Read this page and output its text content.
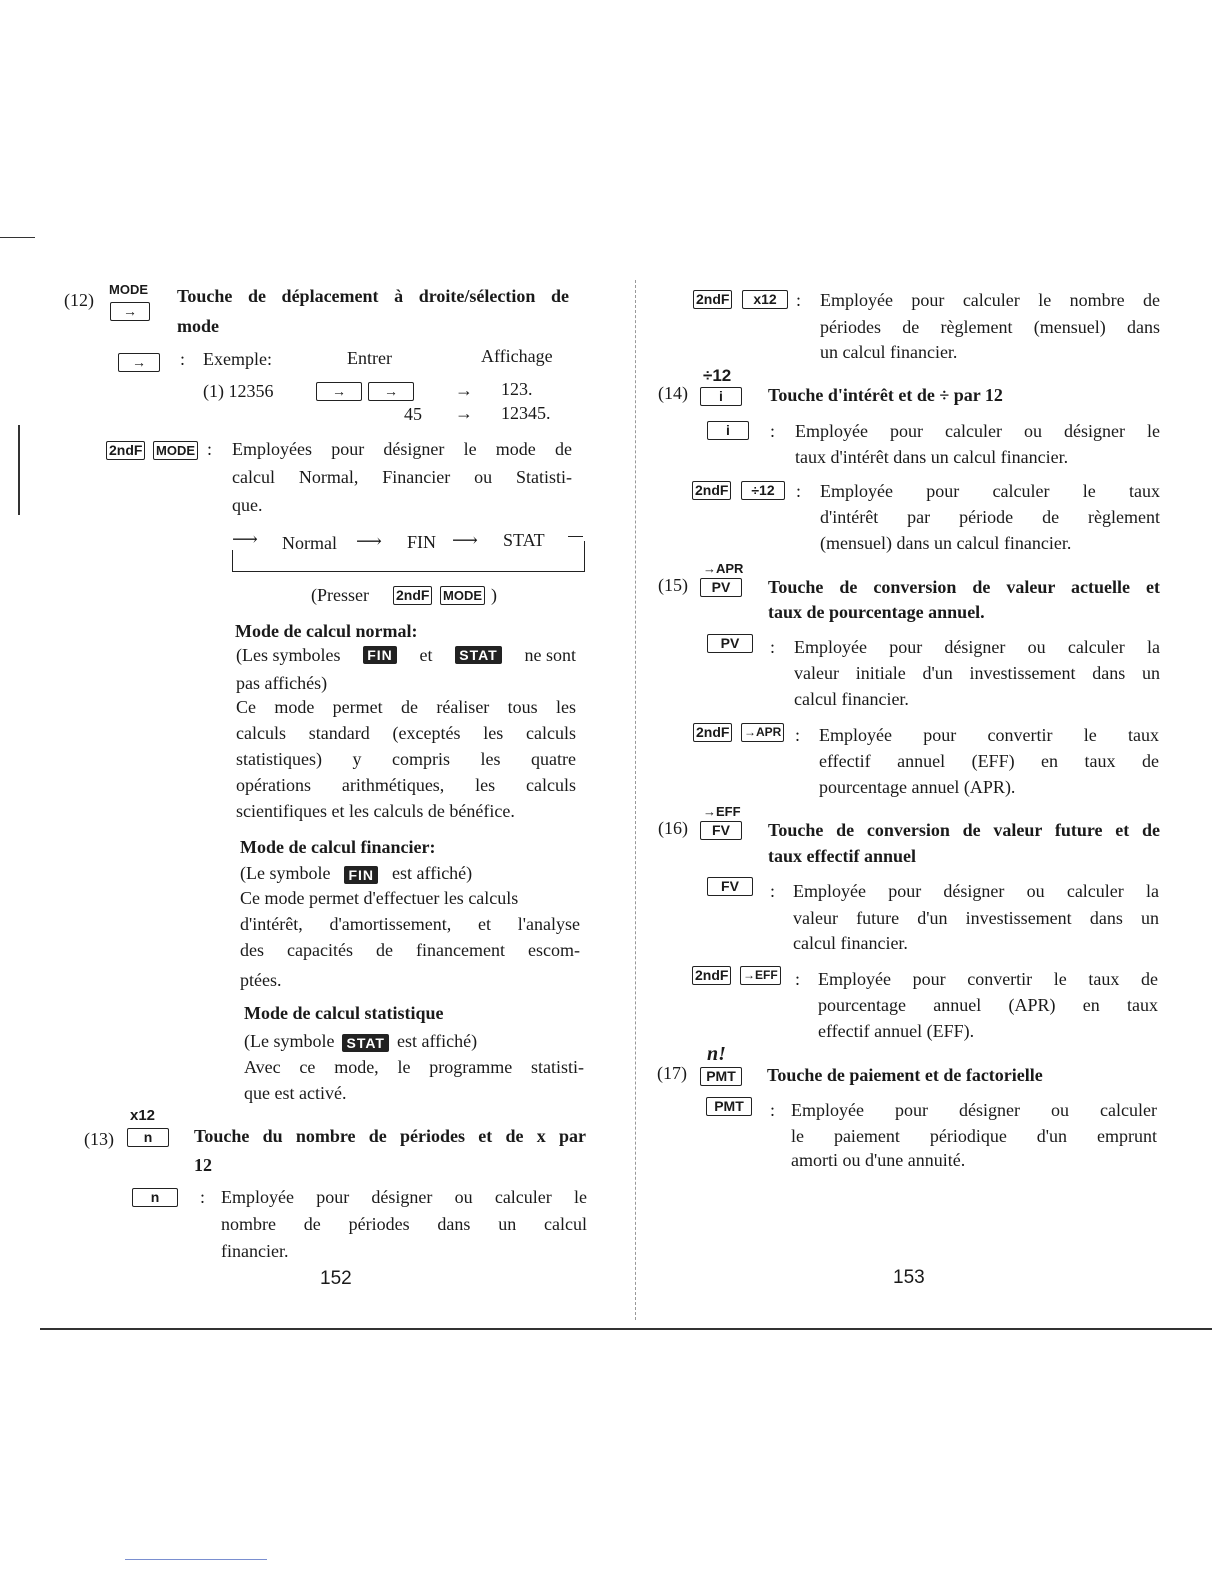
(12)
MODE
→
Touche de déplacement à droite/sélection de
mode
→	: Exemple:	Entrer	Affichage
(1) 12356	→	→	→ 123.
45 → 12345.
2ndF MODE : Employées pour désigner le mode de
calcul Normal, Financier ou Statisti-
que.
⟶ Normal ⟶ FIN ⟶ STAT
(Presser 2ndF MODE )
Mode de calcul normal:
(Les symboles FIN et STAT ne sont
pas affichés)
Ce mode permet de réaliser tous les
calculs standard (exceptés les calculs
statistiques) y compris les quatre
opérations arithmétiques, les calculs
scientifiques et les calculs de bénéfice.
Mode de calcul financier:
(Le symbole FIN est affiché)
Ce mode permet d'effectuer les calculs
d'intérêt, d'amortissement, et l'analyse
des capacités de financement escom-
ptées.
Mode de calcul statistique
(Le symbole STAT est affiché)
Avec ce mode, le programme statisti-
que est activé.
x12
(13)	n	Touche du nombre de périodes et de x par
12
n	: Employée pour désigner ou calculer le
nombre de périodes dans un calcul
financier.
152
2ndF	x12	: Employée pour calculer le nombre de
périodes de règlement (mensuel) dans
un calcul financier.
÷12
(14)	i	Touche d'intérêt et de ÷ par 12
i	: Employée pour calculer ou désigner le
taux d'intérêt dans un calcul financier.
2ndF	÷12	: Employée pour calculer le taux
d'intérêt par période de règlement
(mensuel) dans un calcul financier.
→APR
(15)	PV	Touche de conversion de valeur actuelle et
taux de pourcentage annuel.
PV	: Employée pour désigner ou calculer la
valeur initiale d'un investissement dans un
calcul financier.
2ndF →APR : Employée pour convertir le taux
effectif annuel (EFF) en taux de
pourcentage annuel (APR).
→EFF
(16)	FV	Touche de conversion de valeur future et de
taux effectif annuel
FV	: Employée pour désigner ou calculer la
valeur future d'un investissement dans un
calcul financier.
2ndF →EFF : Employée pour convertir le taux de
pourcentage annuel (APR) en taux
effectif annuel (EFF).
n!
(17)	PMT	Touche de paiement et de factorielle
PMT	: Employée pour désigner ou calculer
le paiement périodique d'un emprunt
amorti ou d'une annuité.
153
